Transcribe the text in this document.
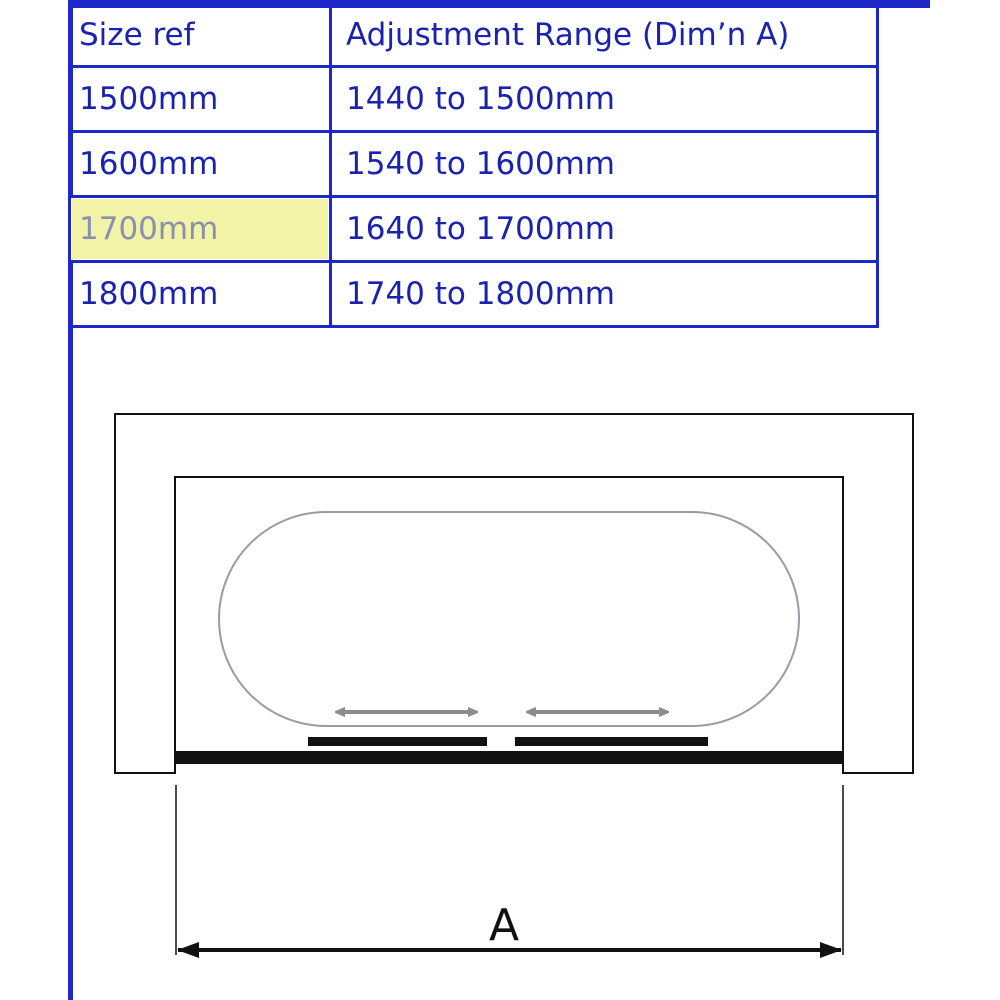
Size ref	Adjustment Range (Dim’n A)
1500mm	1440 to 1500mm
1600mm	1540 to 1600mm
1700mm	1640 to 1700mm
1800mm	1740 to 1800mm
A
